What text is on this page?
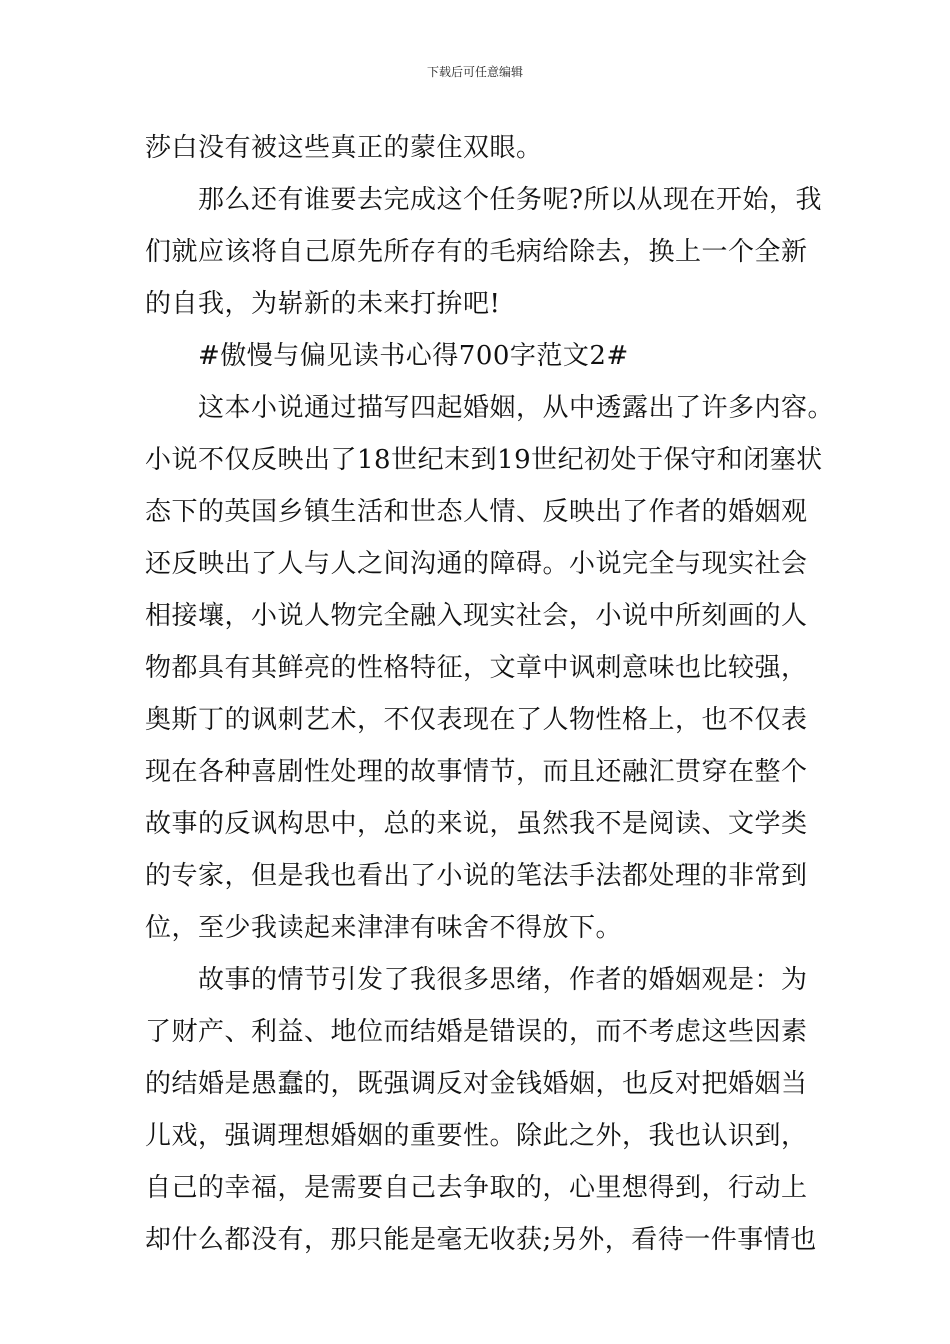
下载后可任意编辑
莎白没有被这些真正的蒙住双眼。
　　那么还有谁要去完成这个任务呢?所以从现在开始，我
们就应该将自己原先所存有的毛病给除去，换上一个全新
的自我，为崭新的未来打拚吧!
　　#傲慢与偏见读书心得700字范文2#
　　这本小说通过描写四起婚姻，从中透露出了许多内容。
小说不仅反映出了18世纪末到19世纪初处于保守和闭塞状
态下的英国乡镇生活和世态人情、反映出了作者的婚姻观
还反映出了人与人之间沟通的障碍。小说完全与现实社会
相接壤，小说人物完全融入现实社会，小说中所刻画的人
物都具有其鲜亮的性格特征，文章中讽刺意味也比较强，
奥斯丁的讽刺艺术，不仅表现在了人物性格上，也不仅表
现在各种喜剧性处理的故事情节，而且还融汇贯穿在整个
故事的反讽构思中，总的来说，虽然我不是阅读、文学类
的专家，但是我也看出了小说的笔法手法都处理的非常到
位，至少我读起来津津有味舍不得放下。
　　故事的情节引发了我很多思绪，作者的婚姻观是：为
了财产、利益、地位而结婚是错误的，而不考虑这些因素
的结婚是愚蠢的，既强调反对金钱婚姻，也反对把婚姻当
儿戏，强调理想婚姻的重要性。除此之外，我也认识到，
自己的幸福，是需要自己去争取的，心里想得到，行动上
却什么都没有，那只能是毫无收获;另外，看待一件事情也
